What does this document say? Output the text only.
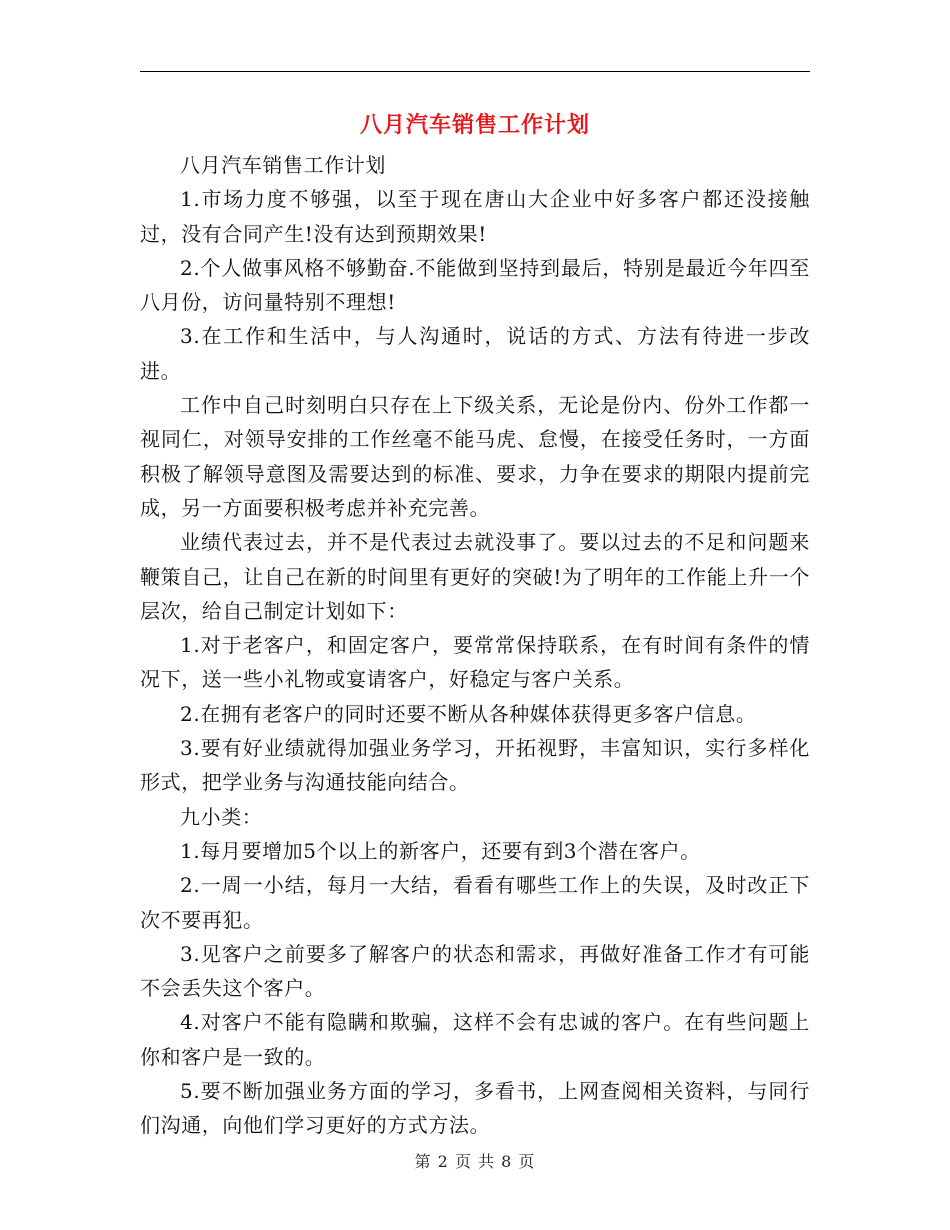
八月汽车销售工作计划

八月汽车销售工作计划

1.市场力度不够强，以至于现在唐山大企业中好多客户都还没接触过，没有合同产生!没有达到预期效果!

2.个人做事风格不够勤奋.不能做到坚持到最后，特别是最近今年四至八月份，访问量特别不理想!

3.在工作和生活中，与人沟通时，说话的方式、方法有待进一步改进。

工作中自己时刻明白只存在上下级关系，无论是份内、份外工作都一视同仁，对领导安排的工作丝毫不能马虎、怠慢，在接受任务时，一方面积极了解领导意图及需要达到的标准、要求，力争在要求的期限内提前完成，另一方面要积极考虑并补充完善。

业绩代表过去，并不是代表过去就没事了。要以过去的不足和问题来鞭策自己，让自己在新的时间里有更好的突破!为了明年的工作能上升一个层次，给自己制定计划如下：

1.对于老客户，和固定客户，要常常保持联系，在有时间有条件的情况下，送一些小礼物或宴请客户，好稳定与客户关系。

2.在拥有老客户的同时还要不断从各种媒体获得更多客户信息。

3.要有好业绩就得加强业务学习，开拓视野，丰富知识，实行多样化形式，把学业务与沟通技能向结合。

九小类：

1.每月要增加5个以上的新客户，还要有到3个潜在客户。

2.一周一小结，每月一大结，看看有哪些工作上的失误，及时改正下次不要再犯。

3.见客户之前要多了解客户的状态和需求，再做好准备工作才有可能不会丢失这个客户。

4.对客户不能有隐瞒和欺骗，这样不会有忠诚的客户。在有些问题上你和客户是一致的。

5.要不断加强业务方面的学习，多看书，上网查阅相关资料，与同行们沟通，向他们学习更好的方式方法。

第 2 页 共 8 页
